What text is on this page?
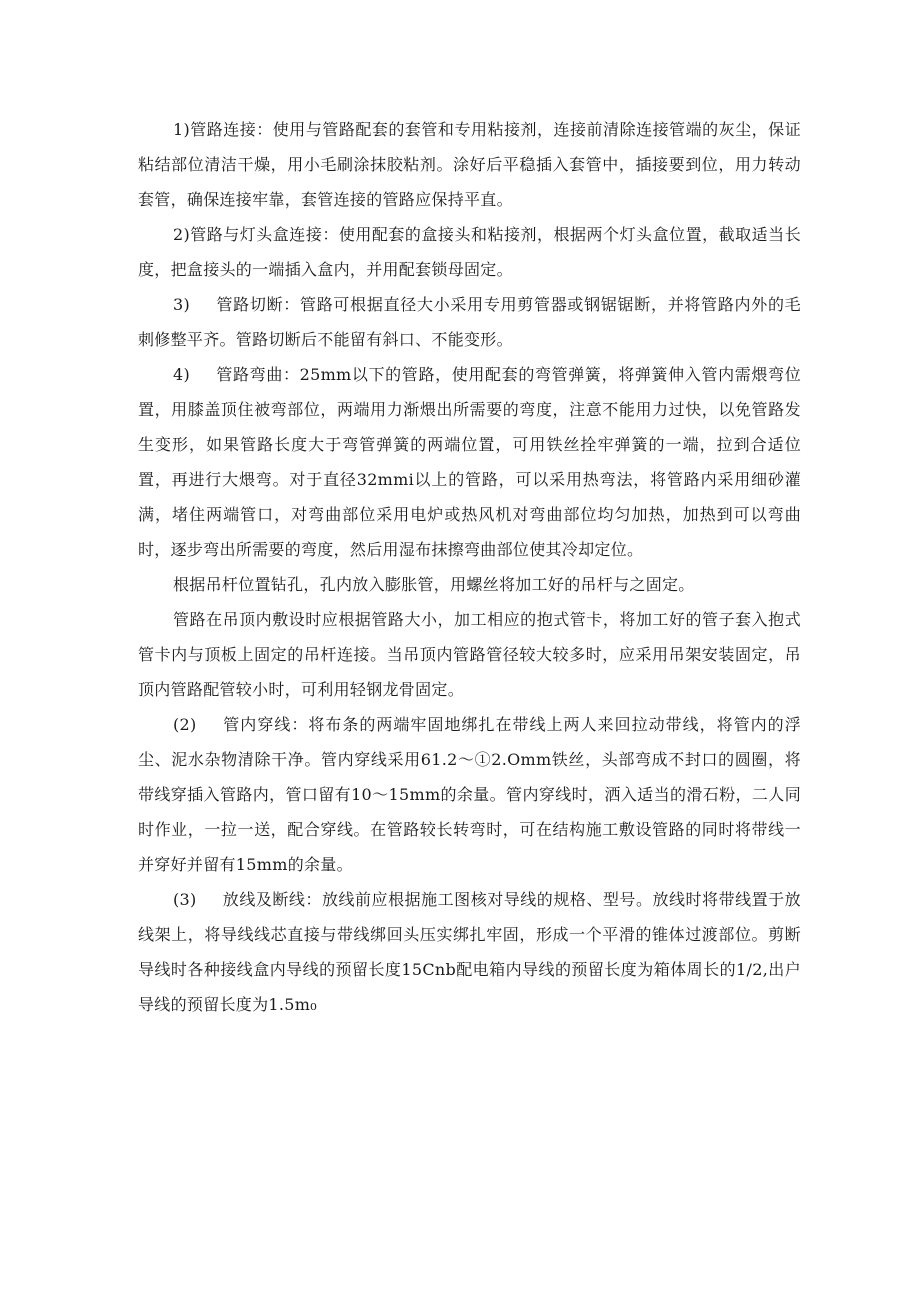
1)管路连接：使用与管路配套的套管和专用粘接剂，连接前清除连接管端的灰尘，保证粘结部位清洁干燥，用小毛刷涂抹胶粘剂。涂好后平稳插入套管中，插接要到位，用力转动套管，确保连接牢靠，套管连接的管路应保持平直。

2)管路与灯头盒连接：使用配套的盒接头和粘接剂，根据两个灯头盒位置，截取适当长度，把盒接头的一端插入盒内，并用配套锁母固定。

3) 管路切断：管路可根据直径大小采用专用剪管器或钢锯锯断，并将管路内外的毛刺修整平齐。管路切断后不能留有斜口、不能变形。

4) 管路弯曲：25mm以下的管路，使用配套的弯管弹簧，将弹簧伸入管内需煨弯位置，用膝盖顶住被弯部位，两端用力渐煨出所需要的弯度，注意不能用力过快，以免管路发生变形，如果管路长度大于弯管弹簧的两端位置，可用铁丝拴牢弹簧的一端，拉到合适位置，再进行大煨弯。对于直径32mmi以上的管路，可以采用热弯法，将管路内采用细砂灌满，堵住两端管口，对弯曲部位采用电炉或热风机对弯曲部位均匀加热，加热到可以弯曲时，逐步弯出所需要的弯度，然后用湿布抹擦弯曲部位使其冷却定位。

根据吊杆位置钻孔，孔内放入膨胀管，用螺丝将加工好的吊杆与之固定。

管路在吊顶内敷设时应根据管路大小，加工相应的抱式管卡，将加工好的管子套入抱式管卡内与顶板上固定的吊杆连接。当吊顶内管路管径较大较多时，应采用吊架安装固定，吊顶内管路配管较小时，可利用轻钢龙骨固定。

(2) 管内穿线：将布条的两端牢固地绑扎在带线上两人来回拉动带线，将管内的浮尘、泥水杂物清除干净。管内穿线采用61.2～①2.Omm铁丝，头部弯成不封口的圆圈，将带线穿插入管路内，管口留有10～15mm的余量。管内穿线时，洒入适当的滑石粉，二人同时作业，一拉一送，配合穿线。在管路较长转弯时，可在结构施工敷设管路的同时将带线一并穿好并留有15mm的余量。

(3) 放线及断线：放线前应根据施工图核对导线的规格、型号。放线时将带线置于放线架上，将导线线芯直接与带线绑回头压实绑扎牢固，形成一个平滑的锥体过渡部位。剪断导线时各种接线盒内导线的预留长度15Cnb配电箱内导线的预留长度为箱体周长的1/2,出户导线的预留长度为1.5m₀
